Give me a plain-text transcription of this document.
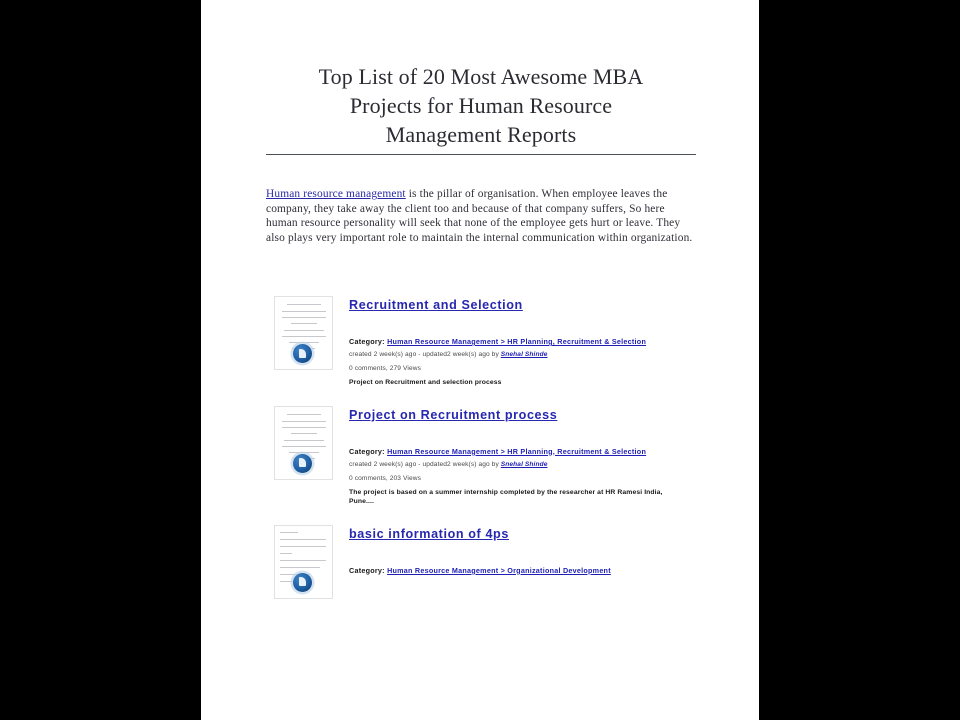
Top List of 20 Most Awesome MBA
Projects for Human Resource
Management Reports
Human resource management is the pillar of organisation. When employee leaves the company, they take away the client too and because of that company suffers, So here human resource personality will seek that none of the employee gets hurt or leave. They also plays very important role to maintain the internal communication within organization.
Recruitment and Selection
Category: Human Resource Management > HR Planning, Recruitment & Selection
created 2 week(s) ago - updated2 week(s) ago by Snehal Shinde
0 comments, 279 Views
Project on Recruitment and selection process
Project on Recruitment process
Category: Human Resource Management > HR Planning, Recruitment & Selection
created 2 week(s) ago - updated2 week(s) ago by Snehal Shinde
0 comments, 203 Views
The project is based on a summer internship completed by the researcher at HR Ramesi India, Pune....
basic information of 4ps
Category: Human Resource Management > Organizational Development
